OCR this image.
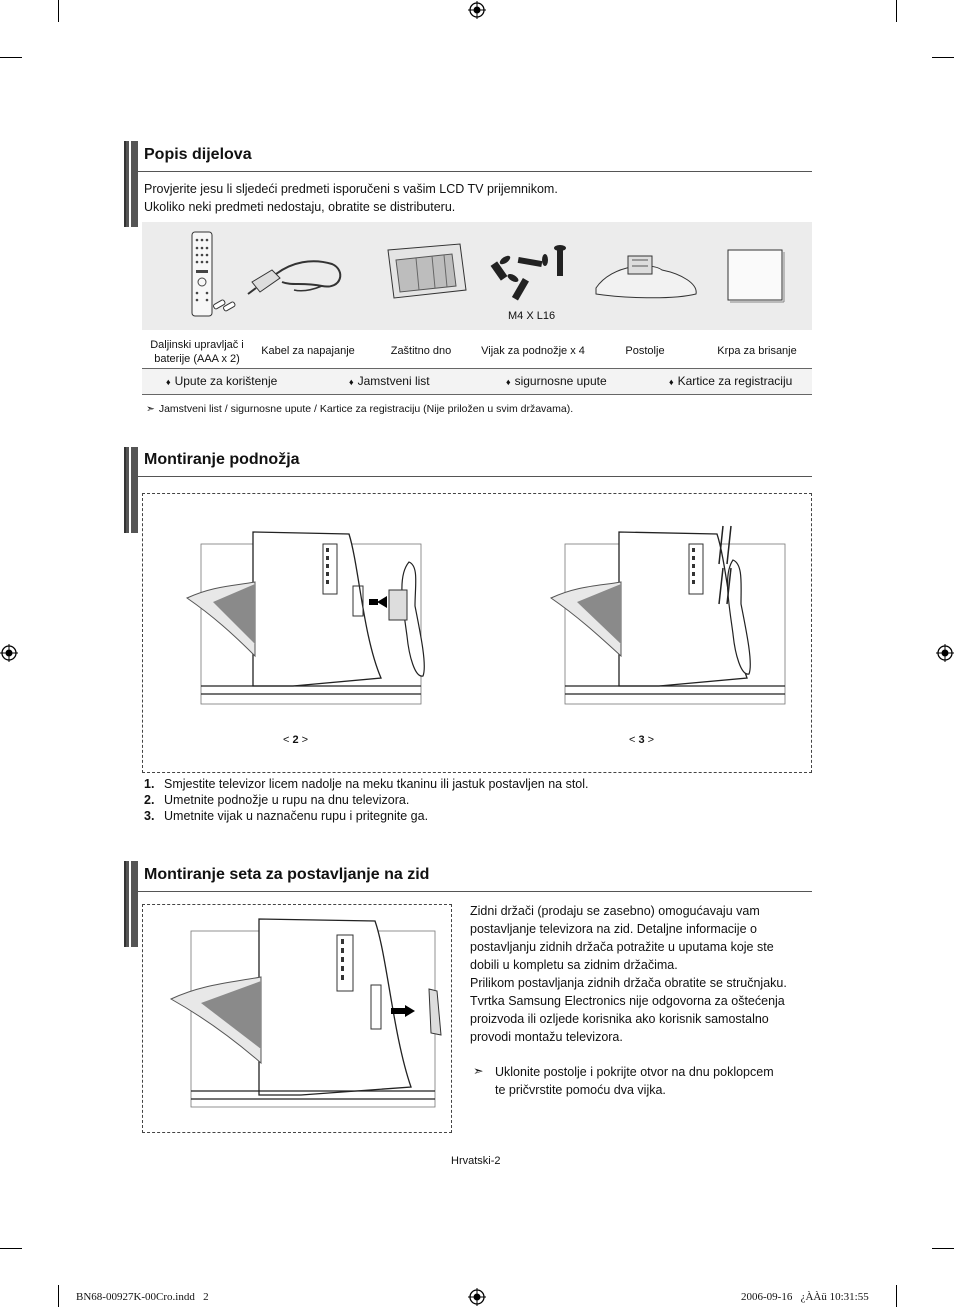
Popis dijelova
Provjerite jesu li sljedeći predmeti isporučeni s vašim LCD TV prijemnikom.
Ukoliko neki predmeti nedostaju, obratite se distributeru.
M4 X L16
Daljinski upravljač i baterije (AAA x 2)
Kabel za napajanje	Zaštitno dno	Vijak za podnožje x 4	Postolje	Krpa za brisanje
♦ Upute za korištenje	♦ Jamstveni list	♦ sigurnosne upute	♦ Kartice za registraciju
➣ Jamstveni list / sigurnosne upute / Kartice za registraciju (Nije priložen u svim državama).
Montiranje podnožja
< 2 >	< 3 >
1. Smjestite televizor licem nadolje na meku tkaninu ili jastuk postavljen na stol.
2. Umetnite podnožje u rupu na dnu televizora.
3. Umetnite vijak u naznačenu rupu i pritegnite ga.
Montiranje seta za postavljanje na zid
Zidni držači (prodaju se zasebno) omogućavaju vam
postavljanje televizora na zid. Detaljne informacije o
postavljanju zidnih držača potražite u uputama koje ste
dobili u kompletu sa zidnim držačima.
Prilikom postavljanja zidnih držača obratite se stručnjaku.
Tvrtka Samsung Electronics nije odgovorna za oštećenja
proizvoda ili ozljede korisnika ako korisnik samostalno
provodi montažu televizora.
➣ Uklonite postolje i pokrijte otvor na dnu poklopcem
te pričvrstite pomoću dva vijka.
Hrvatski-2
BN68-00927K-00Cro.indd   2	2006-09-16   ¿ÀÀü 10:31:55
